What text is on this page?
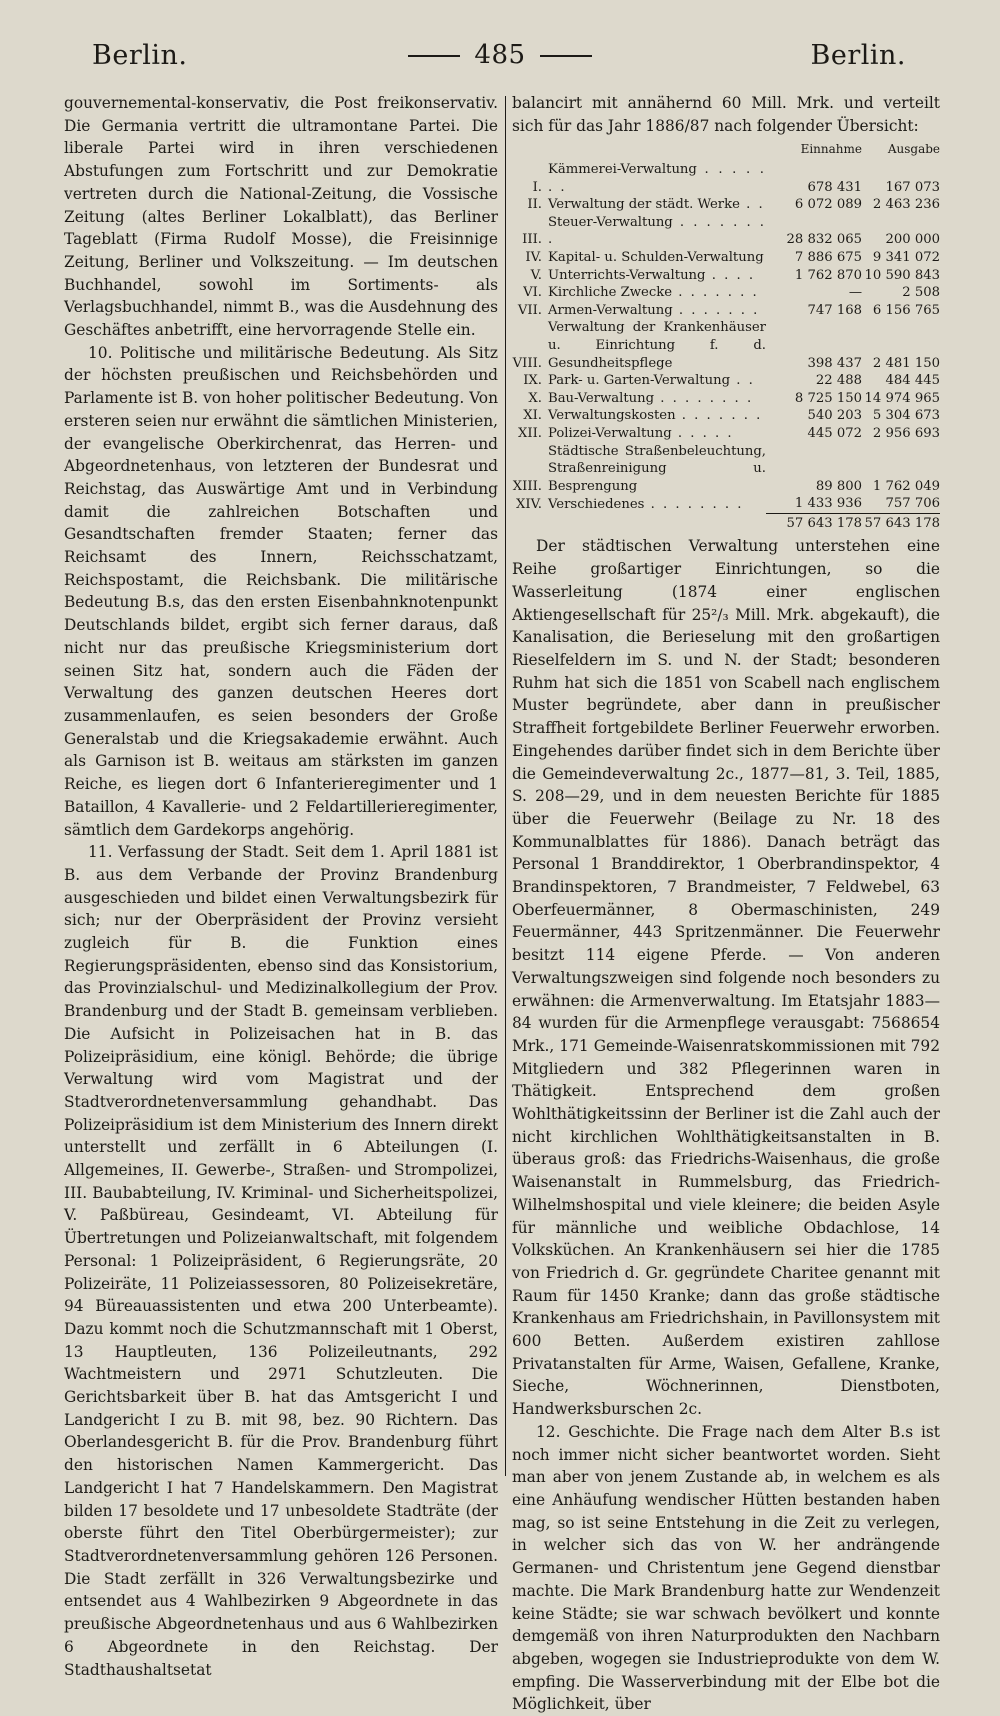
Berlin.	485	Berlin.

gouvernemental-konservativ, die Post freikonservativ. Die Germania vertritt die ultramontane Partei. Die liberale Partei wird in ihren verschiedenen Abstufungen zum Fortschritt und zur Demokratie vertreten durch die National-Zeitung, die Vossische Zeitung (altes Berliner Lokalblatt), das Berliner Tageblatt (Firma Rudolf Mosse), die Freisinnige Zeitung, Berliner und Volkszeitung. — Im deutschen Buchhandel, sowohl im Sortiments- als Verlagsbuchhandel, nimmt B., was die Ausdehnung des Geschäftes anbetrifft, eine hervorragende Stelle ein.

10. Politische und militärische Bedeutung. Als Sitz der höchsten preußischen und Reichsbehörden und Parlamente ist B. von hoher politischer Bedeutung. Von ersteren seien nur erwähnt die sämtlichen Ministerien, der evangelische Oberkirchenrat, das Herren- und Abgeordnetenhaus, von letzteren der Bundesrat und Reichstag, das Auswärtige Amt und in Verbindung damit die zahlreichen Botschaften und Gesandtschaften fremder Staaten; ferner das Reichsamt des Innern, Reichsschatzamt, Reichspostamt, die Reichsbank. Die militärische Bedeutung B.s, das den ersten Eisenbahnknotenpunkt Deutschlands bildet, ergibt sich ferner daraus, daß nicht nur das preußische Kriegsministerium dort seinen Sitz hat, sondern auch die Fäden der Verwaltung des ganzen deutschen Heeres dort zusammenlaufen, es seien besonders der Große Generalstab und die Kriegsakademie erwähnt. Auch als Garnison ist B. weitaus am stärksten im ganzen Reiche, es liegen dort 6 Infanterieregimenter und 1 Bataillon, 4 Kavallerie- und 2 Feldartillerieregimenter, sämtlich dem Gardekorps angehörig.

11. Verfassung der Stadt. Seit dem 1. April 1881 ist B. aus dem Verbande der Provinz Brandenburg ausgeschieden und bildet einen Verwaltungsbezirk für sich; nur der Oberpräsident der Provinz versieht zugleich für B. die Funktion eines Regierungspräsidenten, ebenso sind das Konsistorium, das Provinzialschul- und Medizinalkollegium der Prov. Brandenburg und der Stadt B. gemeinsam verblieben. Die Aufsicht in Polizeisachen hat in B. das Polizeipräsidium, eine königl. Behörde; die übrige Verwaltung wird vom Magistrat und der Stadtverordnetenversammlung gehandhabt. Das Polizeipräsidium ist dem Ministerium des Innern direkt unterstellt und zerfällt in 6 Abteilungen (I. Allgemeines, II. Gewerbe-, Straßen- und Strompolizei, III. Baubabteilung, IV. Kriminal- und Sicherheitspolizei, V. Paßbüreau, Gesindeamt, VI. Abteilung für Übertretungen und Polizeianwaltschaft, mit folgendem Personal: 1 Polizeipräsident, 6 Regierungsräte, 20 Polizeiräte, 11 Polizeiassessoren, 80 Polizeisekretäre, 94 Büreauassistenten und etwa 200 Unterbeamte). Dazu kommt noch die Schutzmannschaft mit 1 Oberst, 13 Hauptleuten, 136 Polizeileutnants, 292 Wachtmeistern und 2971 Schutzleuten. Die Gerichtsbarkeit über B. hat das Amtsgericht I und Landgericht I zu B. mit 98, bez. 90 Richtern. Das Oberlandesgericht B. für die Prov. Brandenburg führt den historischen Namen Kammergericht. Das Landgericht I hat 7 Handelskammern. Den Magistrat bilden 17 besoldete und 17 unbesoldete Stadträte (der oberste führt den Titel Oberbürgermeister); zur Stadtverordnetenversammlung gehören 126 Personen. Die Stadt zerfällt in 326 Verwaltungsbezirke und entsendet aus 4 Wahlbezirken 9 Abgeordnete in das preußische Abgeordnetenhaus und aus 6 Wahlbezirken 6 Abgeordnete in den Reichstag. Der Stadthaushaltsetat

balancirt mit annähernd 60 Mill. Mrk. und verteilt sich für das Jahr 1886/87 nach folgender Übersicht:

		Einnahme	Ausgabe
I.	Kämmerei-Verwaltung . . . . . . .	678 431	167 073
II.	Verwaltung der städt. Werke . .	6 072 089	2 463 236
III.	Steuer-Verwaltung . . . . . . . .	28 832 065	200 000
IV.	Kapital- u. Schulden-Verwaltung	7 886 675	9 341 072
V.	Unterrichts-Verwaltung . . . .	1 762 870	10 590 843
VI.	Kirchliche Zwecke . . . . . . .	—	2 508
VII.	Armen-Verwaltung . . . . . . .	747 168	6 156 765
VIII.	Verwaltung der Krankenhäuser u. Einrichtung f. d. Gesundheitspflege	398 437	2 481 150
IX.	Park- u. Garten-Verwaltung . .	22 488	484 445
X.	Bau-Verwaltung . . . . . . . .	8 725 150	14 974 965
XI.	Verwaltungskosten . . . . . . .	540 203	5 304 673
XII.	Polizei-Verwaltung . . . . .	445 072	2 956 693
XIII.	Städtische Straßenbeleuchtung, Straßenreinigung u. Besprengung	89 800	1 762 049
XIV.	Verschiedenes . . . . . . . .	1 433 936	757 706
		57 643 178	57 643 178

Der städtischen Verwaltung unterstehen eine Reihe großartiger Einrichtungen, so die Wasserleitung (1874 einer englischen Aktiengesellschaft für 25²/₃ Mill. Mrk. abgekauft), die Kanalisation, die Berieselung mit den großartigen Rieselfeldern im S. und N. der Stadt; besonderen Ruhm hat sich die 1851 von Scabell nach englischem Muster begründete, aber dann in preußischer Straffheit fortgebildete Berliner Feuerwehr erworben. Eingehendes darüber findet sich in dem Berichte über die Gemeindeverwaltung 2c., 1877—81, 3. Teil, 1885, S. 208—29, und in dem neuesten Berichte für 1885 über die Feuerwehr (Beilage zu Nr. 18 des Kommunalblattes für 1886). Danach beträgt das Personal 1 Branddirektor, 1 Oberbrandinspektor, 4 Brandinspektoren, 7 Brandmeister, 7 Feldwebel, 63 Oberfeuermänner, 8 Obermaschinisten, 249 Feuermänner, 443 Spritzenmänner. Die Feuerwehr besitzt 114 eigene Pferde. — Von anderen Verwaltungszweigen sind folgende noch besonders zu erwähnen: die Armenverwaltung. Im Etatsjahr 1883—84 wurden für die Armenpflege verausgabt: 7568654 Mrk., 171 Gemeinde-Waisenratskommissionen mit 792 Mitgliedern und 382 Pflegerinnen waren in Thätigkeit. Entsprechend dem großen Wohlthätigkeitssinn der Berliner ist die Zahl auch der nicht kirchlichen Wohlthätigkeitsanstalten in B. überaus groß: das Friedrichs-Waisenhaus, die große Waisenanstalt in Rummelsburg, das Friedrich-Wilhelmshospital und viele kleinere; die beiden Asyle für männliche und weibliche Obdachlose, 14 Volksküchen. An Krankenhäusern sei hier die 1785 von Friedrich d. Gr. gegründete Charitee genannt mit Raum für 1450 Kranke; dann das große städtische Krankenhaus am Friedrichshain, in Pavillonsystem mit 600 Betten. Außerdem existiren zahllose Privatanstalten für Arme, Waisen, Gefallene, Kranke, Sieche, Wöchnerinnen, Dienstboten, Handwerksburschen 2c.

12. Geschichte. Die Frage nach dem Alter B.s ist noch immer nicht sicher beantwortet worden. Sieht man aber von jenem Zustande ab, in welchem es als eine Anhäufung wendischer Hütten bestanden haben mag, so ist seine Entstehung in die Zeit zu verlegen, in welcher sich das von W. her andrängende Germanen- und Christentum jene Gegend dienstbar machte. Die Mark Brandenburg hatte zur Wendenzeit keine Städte; sie war schwach bevölkert und konnte demgemäß von ihren Naturprodukten den Nachbarn abgeben, wogegen sie Industrieprodukte von dem W. empfing. Die Wasserverbindung mit der Elbe bot die Möglichkeit, über
